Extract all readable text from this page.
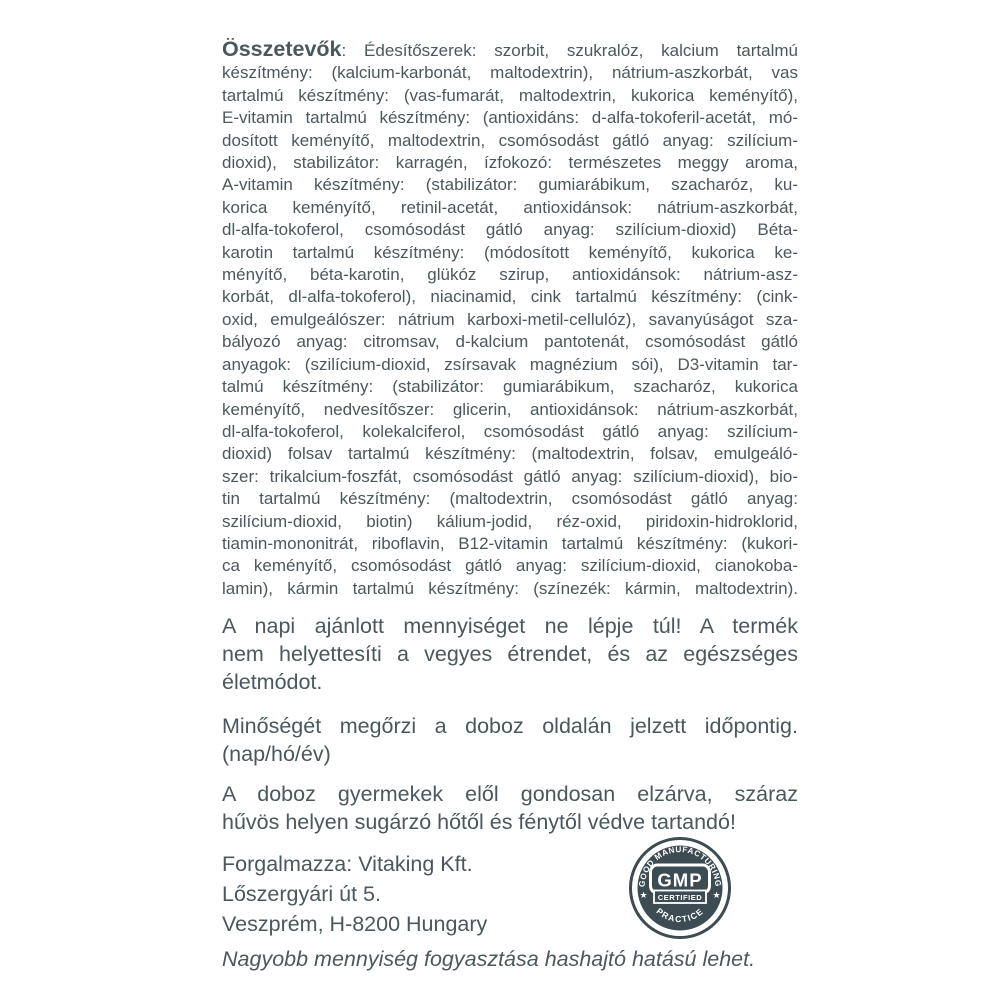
Összetevők: Édesítőszerek: szorbit, szukralóz, kalcium tartalmú
készítmény: (kalcium-karbonát, maltodextrin), nátrium-aszkorbát, vas
tartalmú készítmény: (vas-fumarát, maltodextrin, kukorica keményítő),
E-vitamin tartalmú készítmény: (antioxidáns: d-alfa-tokoferil-acetát, mó-
dosított keményítő, maltodextrin, csomósodást gátló anyag: szilícium-
dioxid), stabilizátor: karragén, ízfokozó: természetes meggy aroma,
A-vitamin készítmény: (stabilizátor: gumiarábikum, szacharóz, ku-
korica keményítő, retinil-acetát, antioxidánsok: nátrium-aszkorbát,
dl-alfa-tokoferol, csomósodást gátló anyag: szilícium-dioxid) Béta-
karotin tartalmú készítmény: (módosított keményítő, kukorica ke-
ményítő, béta-karotin, glükóz szirup, antioxidánsok: nátrium-asz-
korbát, dl-alfa-tokoferol), niacinamid, cink tartalmú készítmény: (cink-
oxid, emulgeálószer: nátrium karboxi-metil-cellulóz), savanyúságot sza-
bályozó anyag: citromsav, d-kalcium pantotenát, csomósodást gátló
anyagok: (szilícium-dioxid, zsírsavak magnézium sói), D3-vitamin tar-
talmú készítmény: (stabilizátor: gumiarábikum, szacharóz, kukorica
keményítő, nedvesítőszer: glicerin, antioxidánsok: nátrium-aszkorbát,
dl-alfa-tokoferol, kolekalciferol, csomósodást gátló anyag: szilícium-
dioxid) folsav tartalmú készítmény: (maltodextrin, folsav, emulgeáló-
szer: trikalcium-foszfát, csomósodást gátló anyag: szilícium-dioxid), bio-
tin tartalmú készítmény: (maltodextrin, csomósodást gátló anyag:
szilícium-dioxid, biotin) kálium-jodid, réz-oxid, piridoxin-hidroklorid,
tiamin-mononitrát, riboflavin, B12-vitamin tartalmú készítmény: (kukori-
ca keményítő, csomósodást gátló anyag: szilícium-dioxid, cianokoba-
lamin), kármin tartalmú készítmény: (színezék: kármin, maltodextrin).
A napi ajánlott mennyiséget ne lépje túl! A termék
nem helyettesíti a vegyes étrendet, és az egészséges
életmódot.
Minőségét megőrzi a doboz oldalán jelzett időpontig.
(nap/hó/év)
A doboz gyermekek elől gondosan elzárva, száraz
hűvös helyen sugárzó hőtől és fénytől védve tartandó!
Forgalmazza: Vitaking Kft.
Lőszergyári út 5.
Veszprém, H-8200 Hungary
Nagyobb mennyiség fogyasztása hashajtó hatású lehet.
GOOD MANUFACTURING
PRACTICE
★	★
GMP
CERTIFIED
